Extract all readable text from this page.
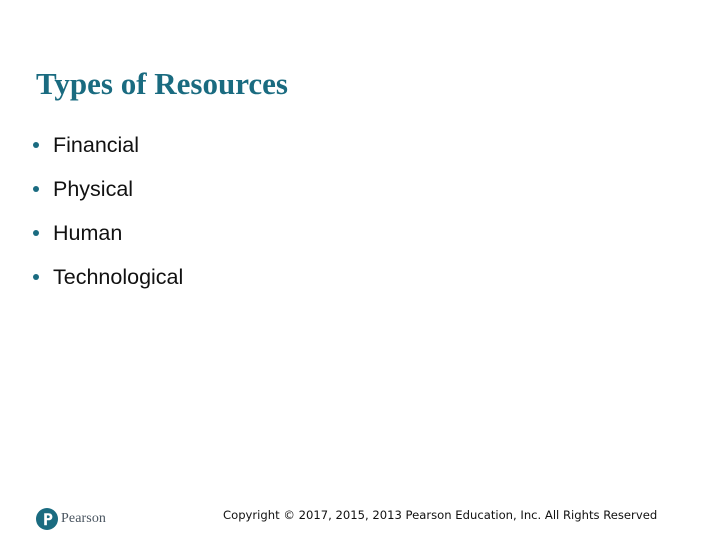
Types of Resources
Financial
Physical
Human
Technological
Pearson	Copyright © 2017, 2015, 2013 Pearson Education, Inc. All Rights Reserved
